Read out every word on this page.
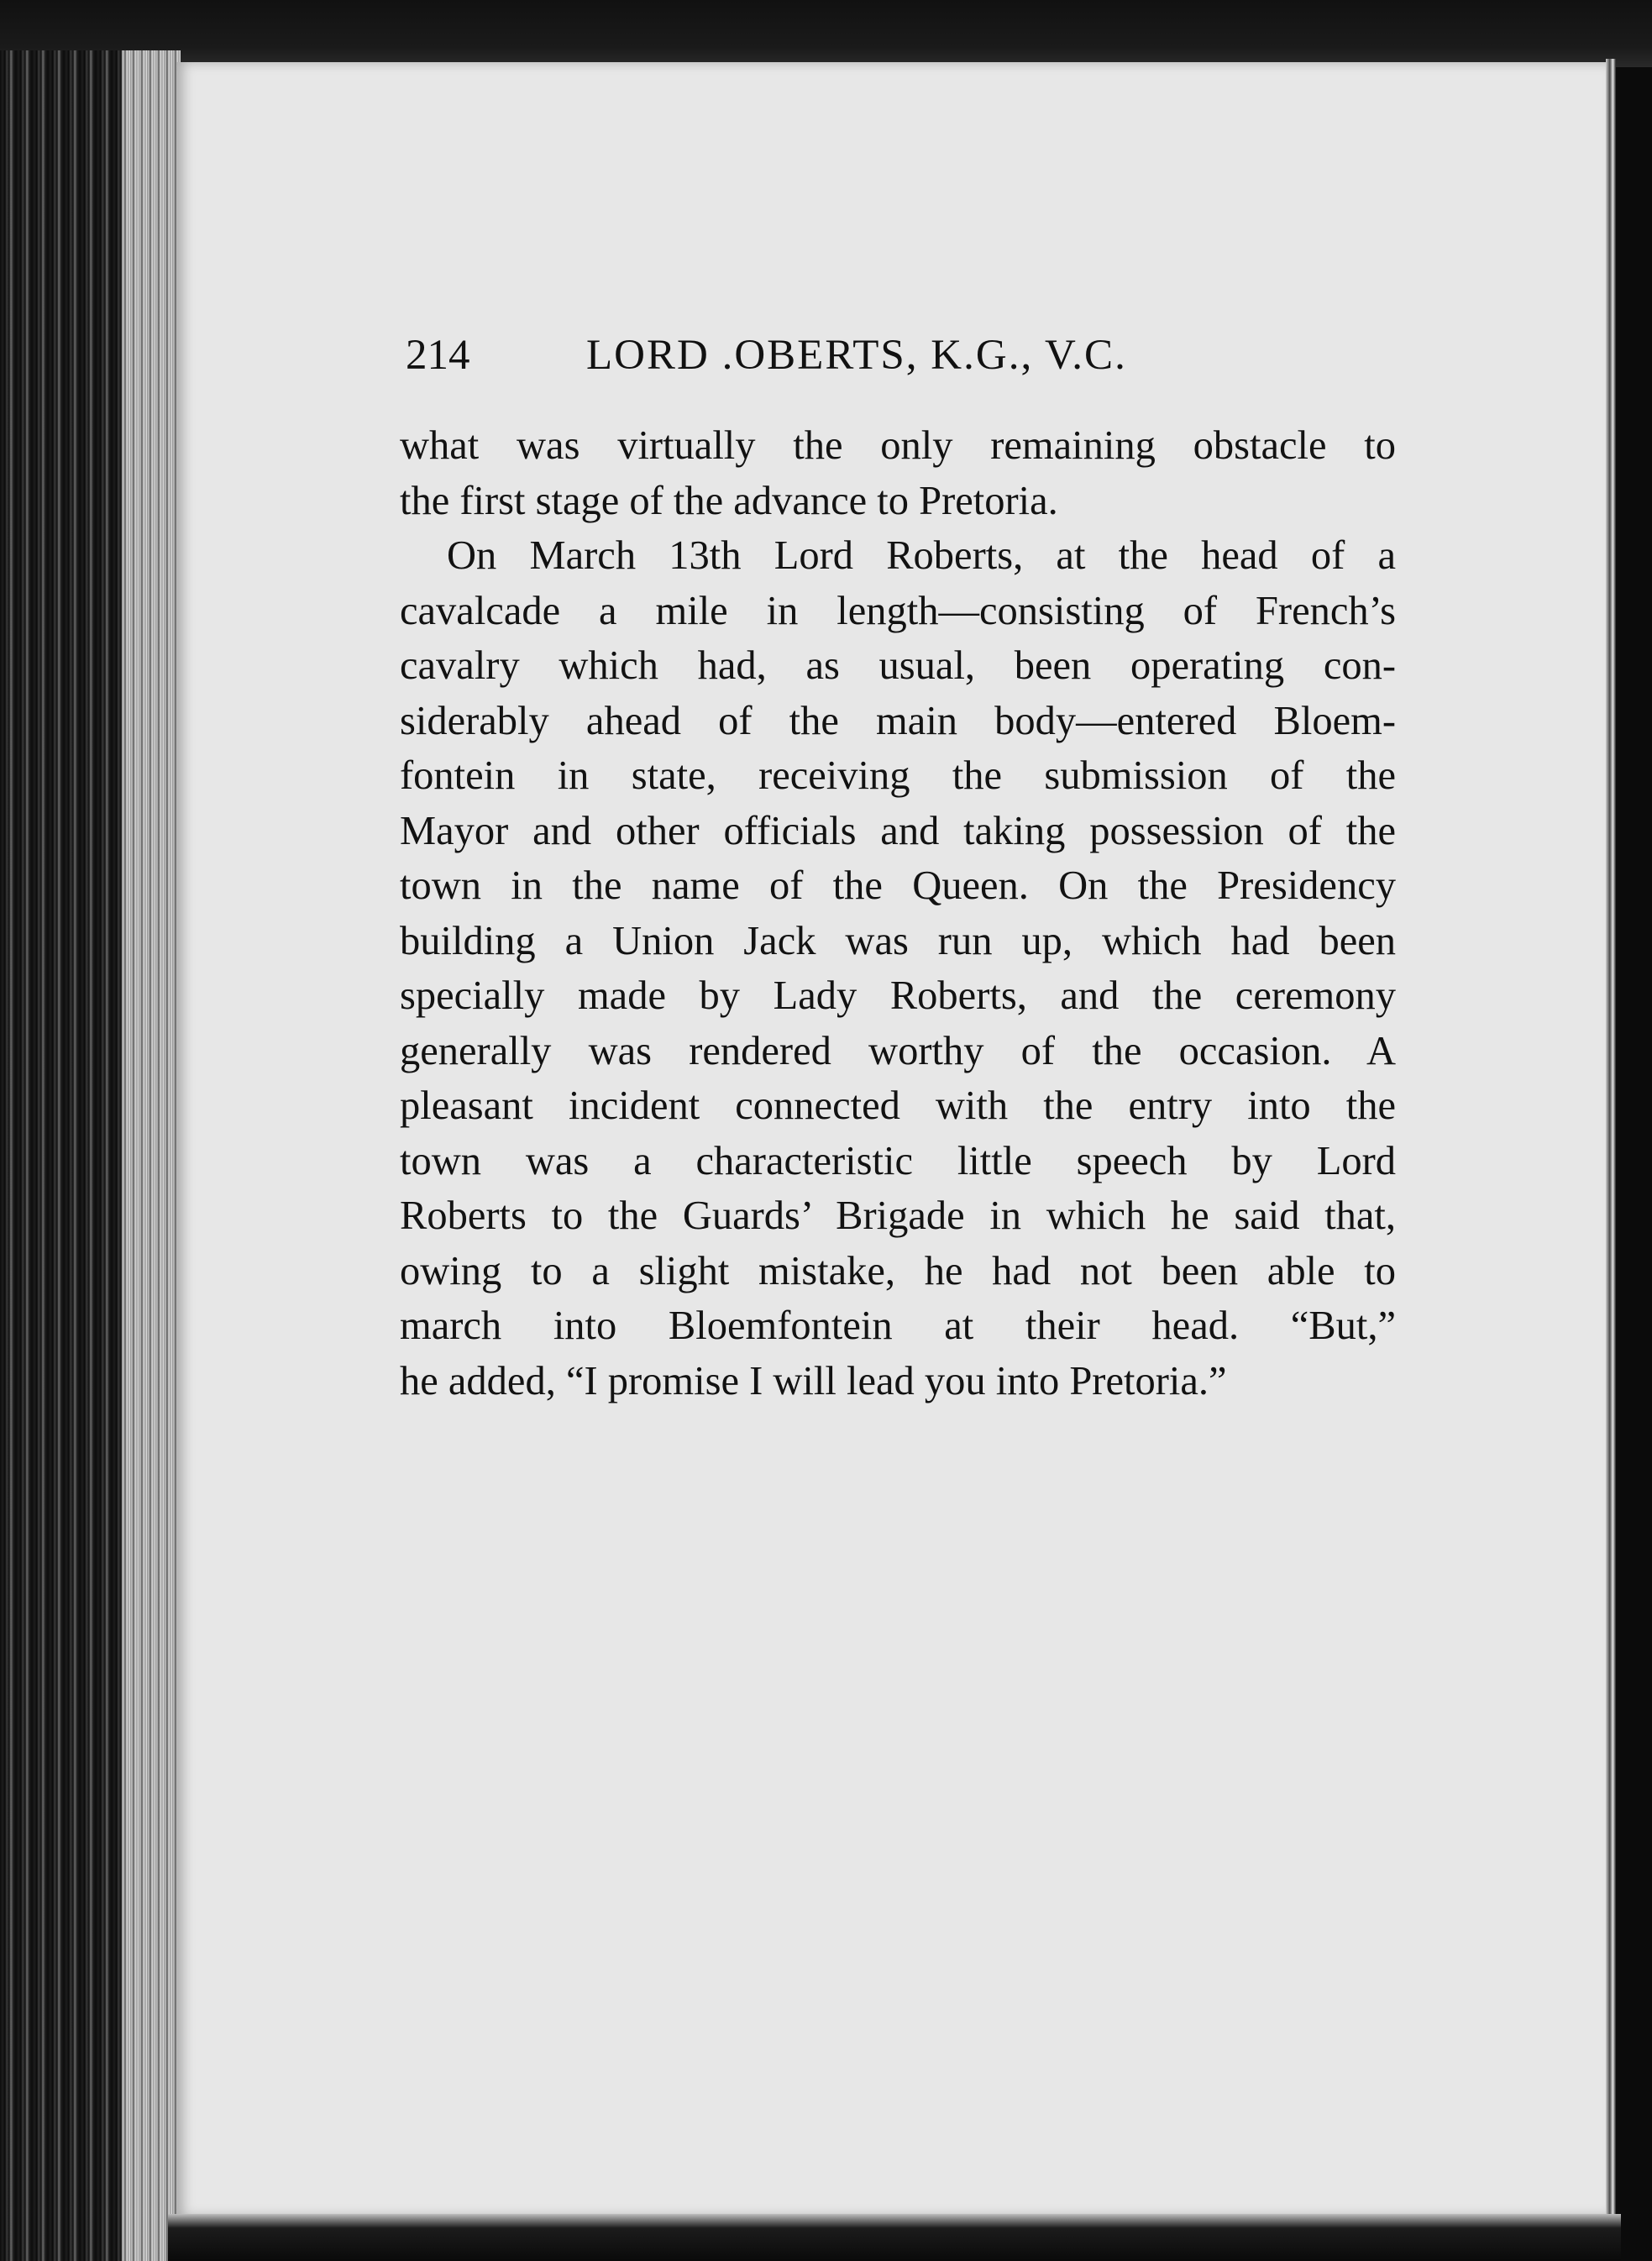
214	LORD .OBERTS, K.G., V.C.
what was virtually the only remaining obstacle to
the first stage of the advance to Pretoria.
On March 13th Lord Roberts, at the head of a
cavalcade a mile in length—consisting of French’s
cavalry which had, as usual, been operating con-
siderably ahead of the main body—entered Bloem-
fontein in state, receiving the submission of the
Mayor and other officials and taking possession of the
town in the name of the Queen. On the Presidency
building a Union Jack was run up, which had been
specially made by Lady Roberts, and the ceremony
generally was rendered worthy of the occasion. A
pleasant incident connected with the entry into the
town was a characteristic little speech by Lord
Roberts to the Guards’ Brigade in which he said that,
owing to a slight mistake, he had not been able to
march into Bloemfontein at their head. “But,”
he added, “I promise I will lead you into Pretoria.”
